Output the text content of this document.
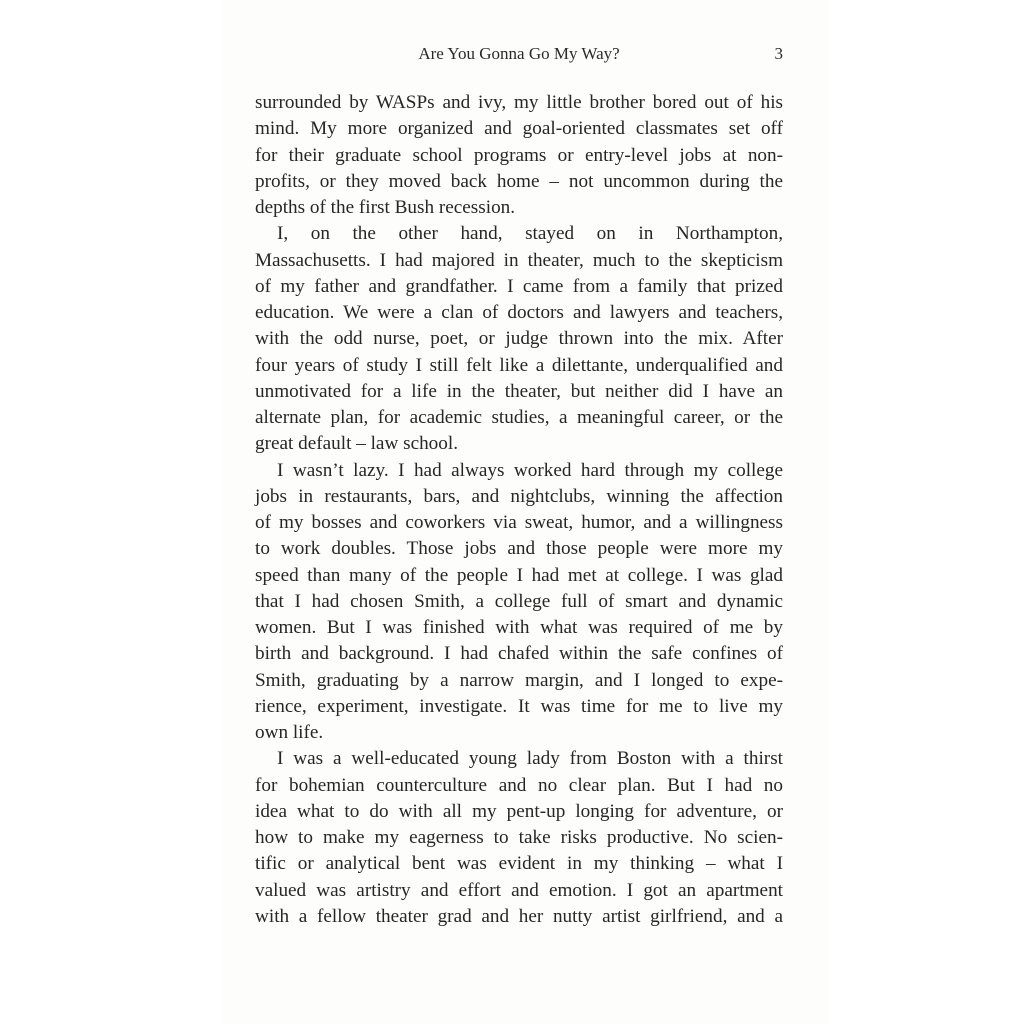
Are You Gonna Go My Way?	3
surrounded by WASPs and ivy, my little brother bored out of his
mind. My more organized and goal-oriented classmates set off
for their graduate school programs or entry-level jobs at non-
profits, or they moved back home – not uncommon during the
depths of the first Bush recession.
I, on the other hand, stayed on in Northampton,
Massachusetts. I had majored in theater, much to the skepticism
of my father and grandfather. I came from a family that prized
education. We were a clan of doctors and lawyers and teachers,
with the odd nurse, poet, or judge thrown into the mix. After
four years of study I still felt like a dilettante, underqualified and
unmotivated for a life in the theater, but neither did I have an
alternate plan, for academic studies, a meaningful career, or the
great default – law school.
I wasn’t lazy. I had always worked hard through my college
jobs in restaurants, bars, and nightclubs, winning the affection
of my bosses and coworkers via sweat, humor, and a willingness
to work doubles. Those jobs and those people were more my
speed than many of the people I had met at college. I was glad
that I had chosen Smith, a college full of smart and dynamic
women. But I was finished with what was required of me by
birth and background. I had chafed within the safe confines of
Smith, graduating by a narrow margin, and I longed to expe-
rience, experiment, investigate. It was time for me to live my
own life.
I was a well-educated young lady from Boston with a thirst
for bohemian counterculture and no clear plan. But I had no
idea what to do with all my pent-up longing for adventure, or
how to make my eagerness to take risks productive. No scien-
tific or analytical bent was evident in my thinking – what I
valued was artistry and effort and emotion. I got an apartment
with a fellow theater grad and her nutty artist girlfriend, and a
